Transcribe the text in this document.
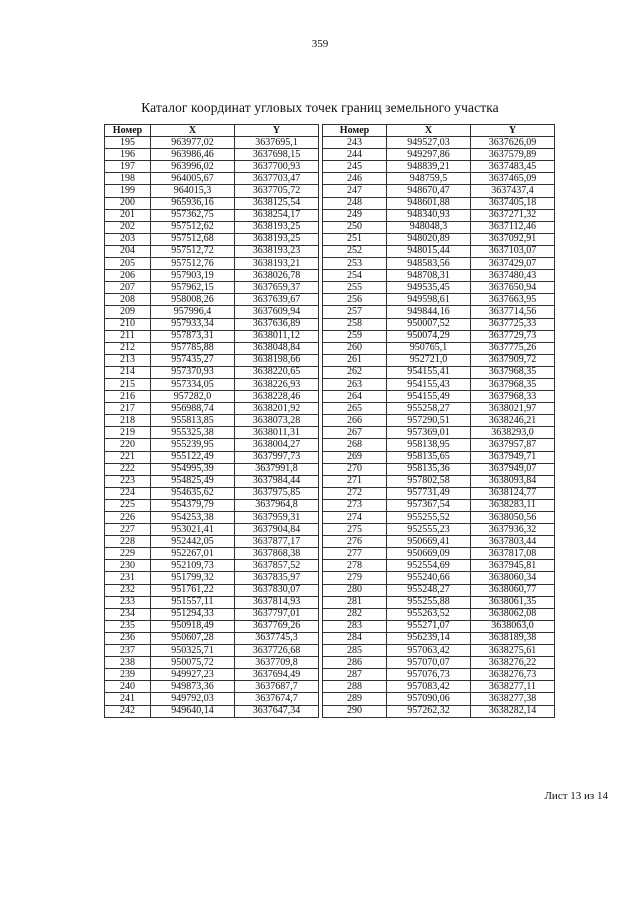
359
Каталог координат угловых точек границ земельного участка
Номер	X	Y
195	963977,02	3637695,1
196	963986,46	3637698,15
197	963996,02	3637700,93
198	964005,67	3637703,47
199	964015,3	3637705,72
200	965936,16	3638125,54
201	957362,75	3638254,17
202	957512,62	3638193,25
203	957512,68	3638193,25
204	957512,72	3638193,23
205	957512,76	3638193,21
206	957903,19	3638026,78
207	957962,15	3637659,37
208	958008,26	3637639,67
209	957996,4	3637609,94
210	957933,34	3637636,89
211	957873,31	3638011,12
212	957785,88	3638048,84
213	957435,27	3638198,66
214	957370,93	3638220,65
215	957334,05	3638226,93
216	957282,0	3638228,46
217	956988,74	3638201,92
218	955813,85	3638073,28
219	955325,38	3638011,31
220	955239,95	3638004,27
221	955122,49	3637997,73
222	954995,39	3637991,8
223	954825,49	3637984,44
224	954635,62	3637975,85
225	954379,79	3637964,8
226	954253,38	3637959,31
227	953021,41	3637904,84
228	952442,05	3637877,17
229	952267,01	3637868,38
230	952109,73	3637857,52
231	951799,32	3637835,97
232	951761,22	3637830,07
233	951557,11	3637814,93
234	951294,33	3637797,01
235	950918,49	3637769,26
236	950607,28	3637745,3
237	950325,71	3637726,68
238	950075,72	3637709,8
239	949927,23	3637694,49
240	949873,36	3637687,7
241	949792,03	3637674,7
242	949640,14	3637647,34
Номер	X	Y
243	949527,03	3637626,09
244	949297,86	3637579,89
245	948839,21	3637483,45
246	948759,5	3637465,09
247	948670,47	3637437,4
248	948601,88	3637405,18
249	948340,93	3637271,32
250	948048,3	3637112,46
251	948020,89	3637092,91
252	948015,44	3637103,07
253	948583,56	3637429,07
254	948708,31	3637480,43
255	949535,45	3637650,94
256	949598,61	3637663,95
257	949844,16	3637714,56
258	950007,52	3637725,33
259	950074,29	3637729,73
260	950765,1	3637775,26
261	952721,0	3637909,72
262	954155,41	3637968,35
263	954155,43	3637968,35
264	954155,49	3637968,33
265	955258,27	3638021,97
266	957290,51	3638246,21
267	957369,01	3638293,0
268	958138,95	3637957,87
269	958135,65	3637949,71
270	958135,36	3637949,07
271	957802,58	3638093,84
272	957731,49	3638124,77
273	957367,54	3638283,11
274	955255,52	3638050,56
275	952555,23	3637936,32
276	950669,41	3637803,44
277	950669,09	3637817,08
278	952554,69	3637945,81
279	955240,66	3638060,34
280	955248,27	3638060,77
281	955255,88	3638061,35
282	955263,52	3638062,08
283	955271,07	3638063,0
284	956239,14	3638189,38
285	957063,42	3638275,61
286	957070,07	3638276,22
287	957076,73	3638276,73
288	957083,42	3638277,11
289	957090,06	3638277,38
290	957262,32	3638282,14
Лист 13 из 14
